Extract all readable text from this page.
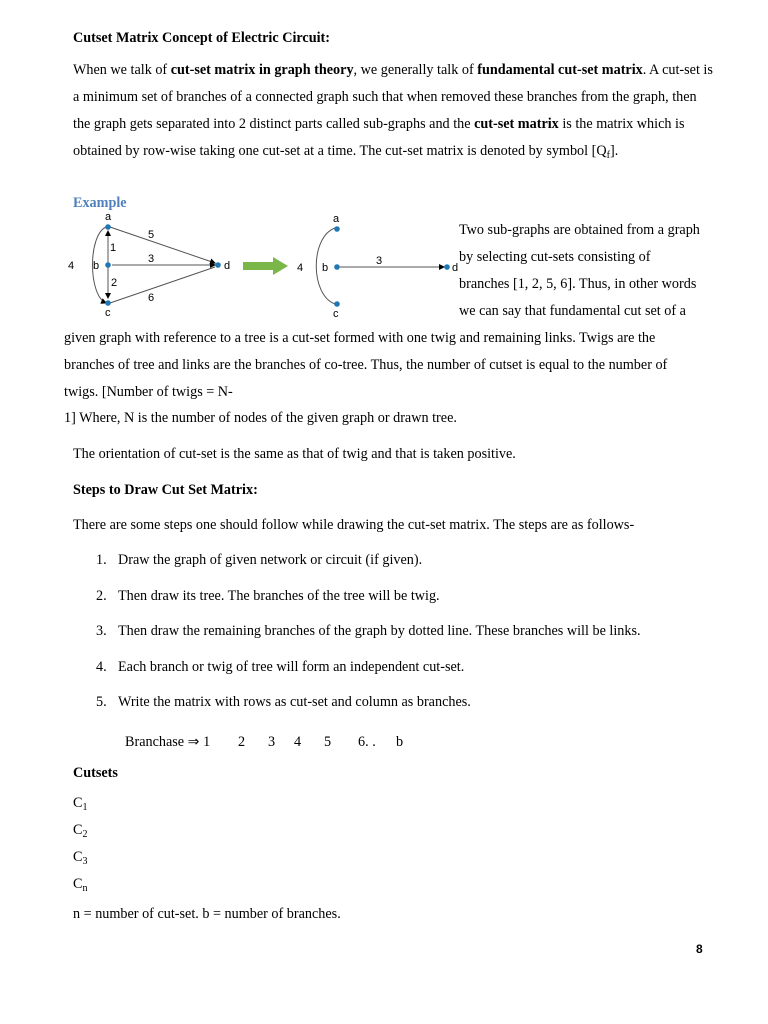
Cutset Matrix Concept of Electric Circuit:
When we talk of cut-set matrix in graph theory, we generally talk of fundamental cut-set matrix. A cut-set is a minimum set of branches of a connected graph such that when removed these branches from the graph, then the graph gets separated into 2 distinct parts called sub-graphs and the cut-set matrix is the matrix which is obtained by row-wise taking one cut-set at a time. The cut-set matrix is denoted by symbol $[Q_f]$.
Example
a
b
c
d
1
2
3
4
5
6
a
b
c
d
3
4
Two sub-graphs are obtained from a graph
by selecting cut-sets consisting of
branches [1, 2, 5, 6]. Thus, in other words
we can say that fundamental cut set of a
given graph with reference to a tree is a cut-set formed with one twig and remaining links. Twigs are the
branches of tree and links are the branches of co-tree. Thus, the number of cutset is equal to the number of
twigs. [Number of twigs = N-
1] Where, N is the number of nodes of the given graph or drawn tree.
The orientation of cut-set is the same as that of twig and that is taken positive.
Steps to Draw Cut Set Matrix:
There are some steps one should follow while drawing the cut-set matrix. The steps are as follows-
1. Draw the graph of given network or circuit (if given).
2. Then draw its tree. The branches of the tree will be twig.
3. Then draw the remaining branches of the graph by dotted line. These branches will be links.
4. Each branch or twig of tree will form an independent cut-set.
5. Write the matrix with rows as cut-set and column as branches.
Branchase ⇒ 1 2 3 4 5 6. . b
Cutsets
$C_1$
$C_2$
$C_3$
$C_n$
n = number of cut-set. b = number of branches.
8
